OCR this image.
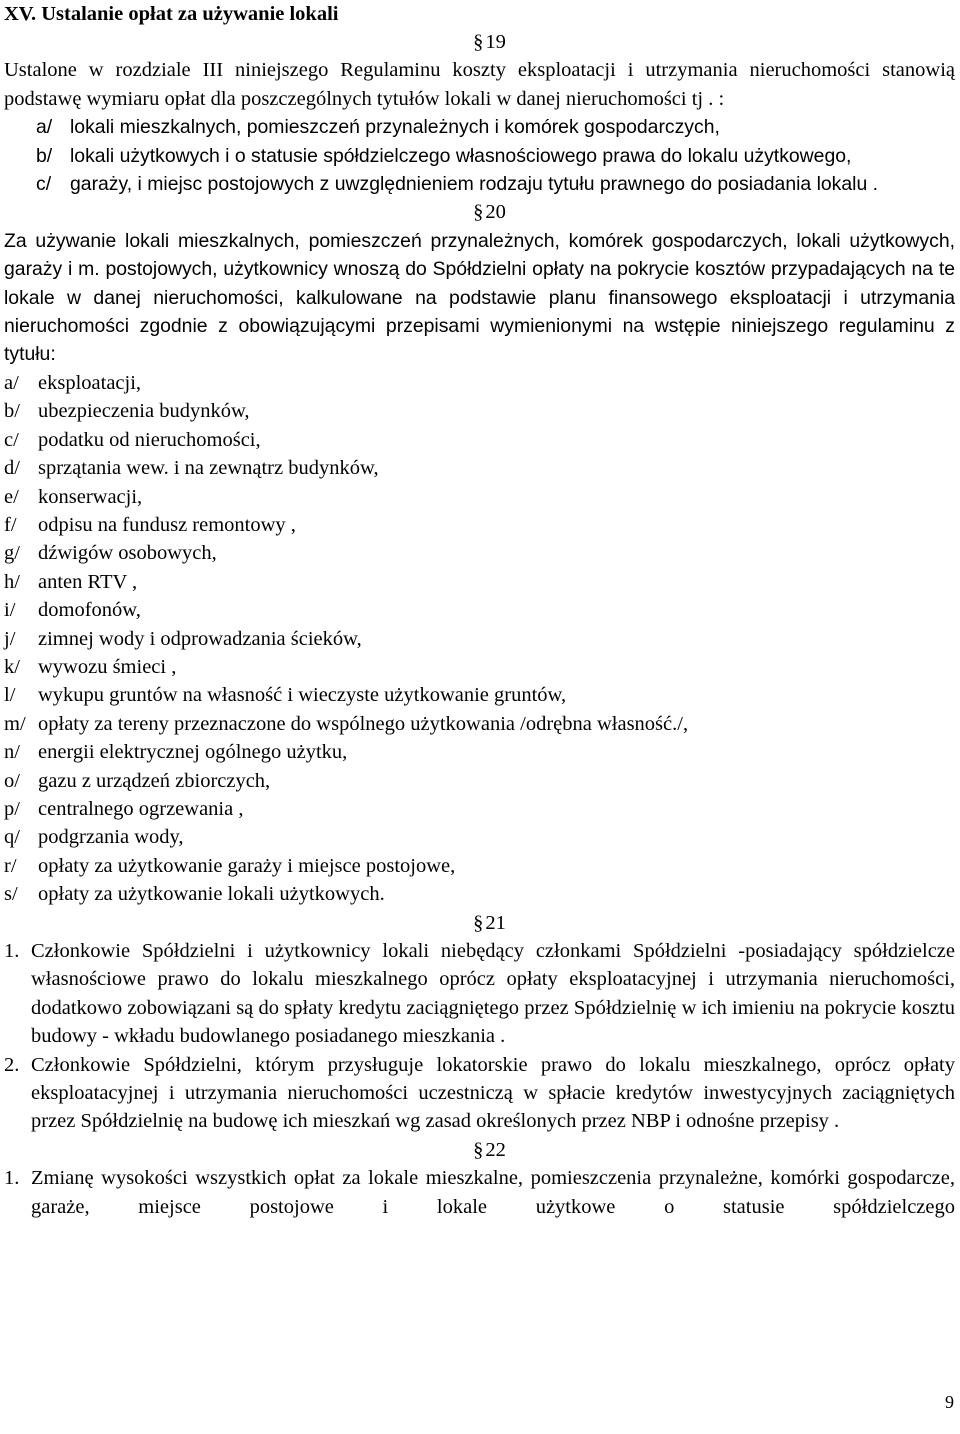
XV. Ustalanie opłat za używanie lokali

§19

Ustalone w rozdziale III niniejszego Regulaminu koszty eksploatacji i utrzymania nieruchomości stanowią podstawę wymiaru opłat dla poszczególnych tytułów lokali w danej nieruchomości tj . :

a/ lokali mieszkalnych, pomieszczeń przynależnych i komórek gospodarczych,
b/ lokali użytkowych i o statusie spółdzielczego własnościowego prawa do lokalu użytkowego,
c/ garaży, i miejsc postojowych z uwzględnieniem rodzaju tytułu prawnego do posiadania lokalu .

§20

Za używanie lokali mieszkalnych, pomieszczeń przynależnych, komórek gospodarczych, lokali użytkowych, garaży i m. postojowych, użytkownicy wnoszą do Spółdzielni opłaty na pokrycie kosztów przypadających na te lokale w danej nieruchomości, kalkulowane na podstawie planu finansowego eksploatacji i utrzymania nieruchomości zgodnie z obowiązującymi przepisami wymienionymi na wstępie niniejszego regulaminu z tytułu:

a/ eksploatacji,
b/ ubezpieczenia budynków,
c/ podatku od nieruchomości,
d/ sprzątania wew. i na zewnątrz budynków,
e/ konserwacji,
f/ odpisu na fundusz remontowy ,
g/ dźwigów osobowych,
h/ anten RTV ,
i/ domofonów,
j/ zimnej wody i odprowadzania ścieków,
k/ wywozu śmieci ,
l/ wykupu gruntów na własność i wieczyste użytkowanie gruntów,
m/ opłaty za tereny przeznaczone do wspólnego użytkowania /odrębna własność./,
n/ energii elektrycznej ogólnego użytku,
o/ gazu z urządzeń zbiorczych,
p/ centralnego ogrzewania ,
q/ podgrzania wody,
r/ opłaty za użytkowanie garaży i miejsce postojowe,
s/ opłaty za użytkowanie lokali użytkowych.

§21

1. Członkowie Spółdzielni i użytkownicy lokali niebędący członkami Spółdzielni -posiadający spółdzielcze własnościowe prawo do lokalu mieszkalnego oprócz opłaty eksploatacyjnej i utrzymania nieruchomości, dodatkowo zobowiązani są do spłaty kredytu zaciągniętego przez Spółdzielnię w ich imieniu na pokrycie kosztu budowy - wkładu budowlanego posiadanego mieszkania .
2. Członkowie Spółdzielni, którym przysługuje lokatorskie prawo do lokalu mieszkalnego, oprócz opłaty eksploatacyjnej i utrzymania nieruchomości uczestniczą w spłacie kredytów inwestycyjnych zaciągniętych przez Spółdzielnię na budowę ich mieszkań wg zasad określonych przez NBP i odnośne przepisy .

§22

1. Zmianę wysokości wszystkich opłat za lokale mieszkalne, pomieszczenia przynależne, komórki gospodarcze, garaże, miejsce postojowe i lokale użytkowe o statusie spółdzielczego
9
